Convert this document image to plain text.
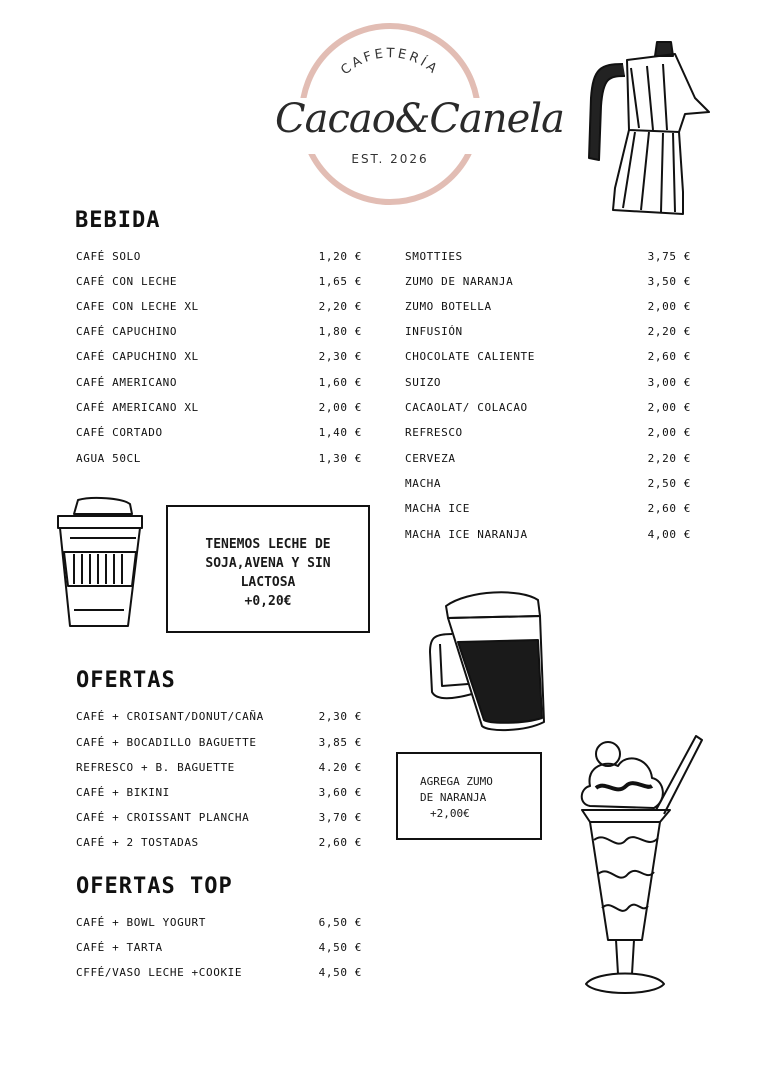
CAFETERÍA
Cacao&Canela
EST. 2026
BEBIDA
CAFÉ SOLO	1,20 €
CAFÉ CON LECHE	1,65 €
CAFE CON LECHE XL	2,20 €
CAFÉ CAPUCHINO	1,80 €
CAFÉ CAPUCHINO XL	2,30 €
CAFÉ AMERICANO	1,60 €
CAFÉ AMERICANO XL	2,00 €
CAFÉ CORTADO	1,40 €
AGUA 50CL	1,30 €
SMOTTIES	3,75 €
ZUMO DE NARANJA	3,50 €
ZUMO BOTELLA	2,00 €
INFUSIÓN	2,20 €
CHOCOLATE CALIENTE	2,60 €
SUIZO	3,00 €
CACAOLAT/ COLACAO	2,00 €
REFRESCO	2,00 €
CERVEZA	2,20 €
MACHA	2,50 €
MACHA ICE	2,60 €
MACHA ICE NARANJA	4,00 €
TENEMOS LECHE DE
SOJA,AVENA Y SIN
LACTOSA
+0,20€
OFERTAS
CAFÉ + CROISANT/DONUT/CAÑA	2,30 €
CAFÉ + BOCADILLO BAGUETTE	3,85 €
REFRESCO + B. BAGUETTE	4.20 €
CAFÉ + BIKINI	3,60 €
CAFÉ + CROISSANT PLANCHA	3,70 €
CAFÉ + 2 TOSTADAS	2,60 €
AGREGA ZUMO
DE NARANJA
+2,00€
OFERTAS TOP
CAFÉ + BOWL YOGURT	6,50 €
CAFÉ + TARTA	4,50 €
CFFÉ/VASO LECHE +COOKIE	4,50 €
